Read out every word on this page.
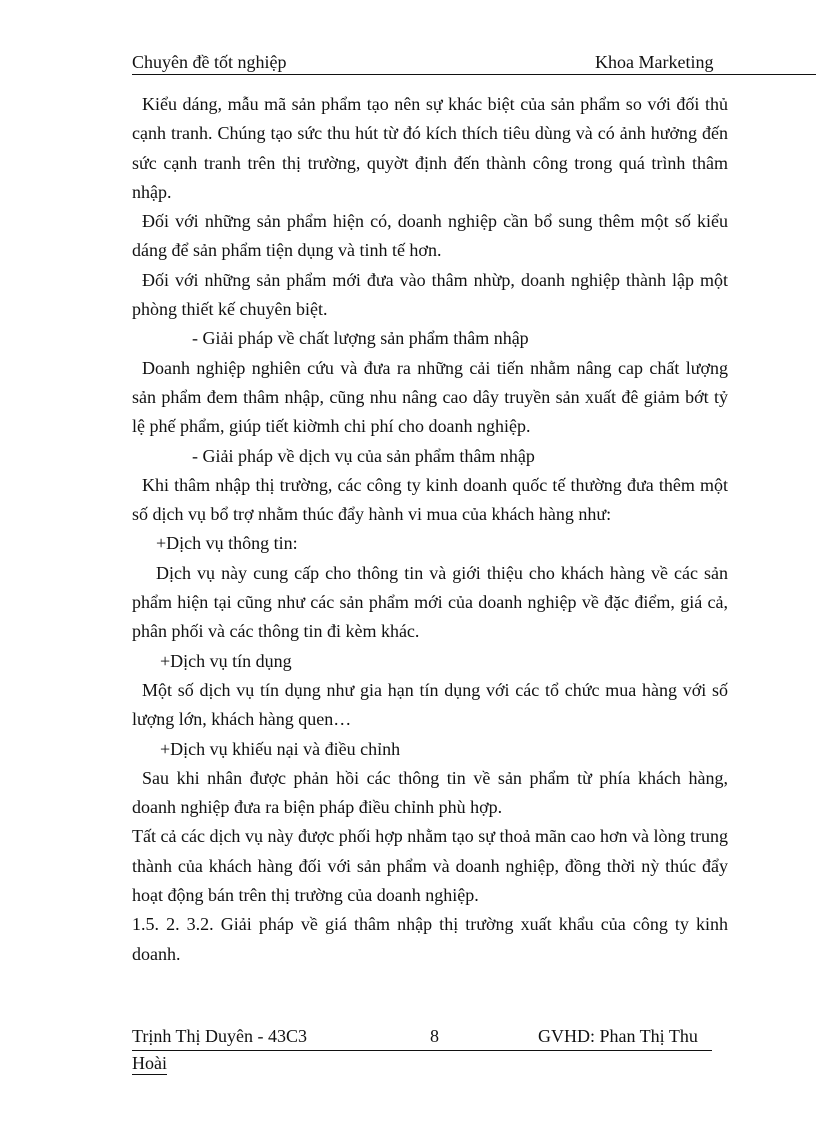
Chuyên đề tốt nghiệp	Khoa Marketing

Kiểu dáng, mẫu mã sản phẩm tạo nên sự khác biệt của sản phẩm so với đối thủ cạnh tranh. Chúng tạo sức thu hút từ đó kích thích tiêu dùng và có ảnh hưởng đến sức cạnh tranh trên thị trường, quyờt định đến thành công trong quá trình thâm nhập.

Đối với những sản phẩm hiện có, doanh nghiệp cần bổ sung thêm một số kiểu dáng để sản phẩm tiện dụng và tinh tế hơn.

Đối với những sản phẩm mới đưa vào thâm nhừp, doanh nghiệp thành lập một phòng thiết kế chuyên biệt.

- Giải pháp về chất lượng sản phẩm thâm nhập

Doanh nghiệp nghiên cứu và đưa ra những cải tiến nhằm nâng cap chất lượng sản phẩm đem thâm nhập, cũng nhu nâng cao dây truyền sản xuất đê giảm bớt tỷ lệ phế phẩm, giúp tiết kiờmh chi phí cho doanh nghiệp.

- Giải pháp về dịch vụ của sản phẩm thâm nhập

Khi thâm nhập thị trường, các công ty kinh doanh quốc tế thường đưa thêm một số dịch vụ bổ trợ nhằm thúc đẩy hành vi mua của khách hàng như:

+Dịch vụ thông tin:

Dịch vụ này cung cấp cho thông tin và giới thiệu cho khách hàng về các sản phẩm hiện tại cũng như các sản phẩm mới của doanh nghiệp về đặc điểm, giá cả, phân phối và các thông tin đi kèm khác.

+Dịch vụ tín dụng

Một số dịch vụ tín dụng như gia hạn tín dụng với các tổ chức mua hàng với số lượng lớn, khách hàng quen…

+Dịch vụ khiếu nại và điều chỉnh

Sau khi nhân được phản hồi các thông tin về sản phẩm từ phía khách hàng, doanh nghiệp đưa ra biện pháp điều chỉnh phù hợp.

Tất cả các dịch vụ này được phối hợp nhằm tạo sự thoả mãn cao hơn và lòng trung thành của khách hàng đối với sản phẩm và doanh nghiệp, đồng thời nỳ thúc đẩy hoạt động bán trên thị trường của doanh nghiệp.

1.5. 2. 3.2. Giải pháp về giá thâm nhập thị trường xuất khẩu của công ty kinh doanh.

Trịnh Thị Duyên - 43C3	8	GVHD: Phan Thị Thu
Hoài
